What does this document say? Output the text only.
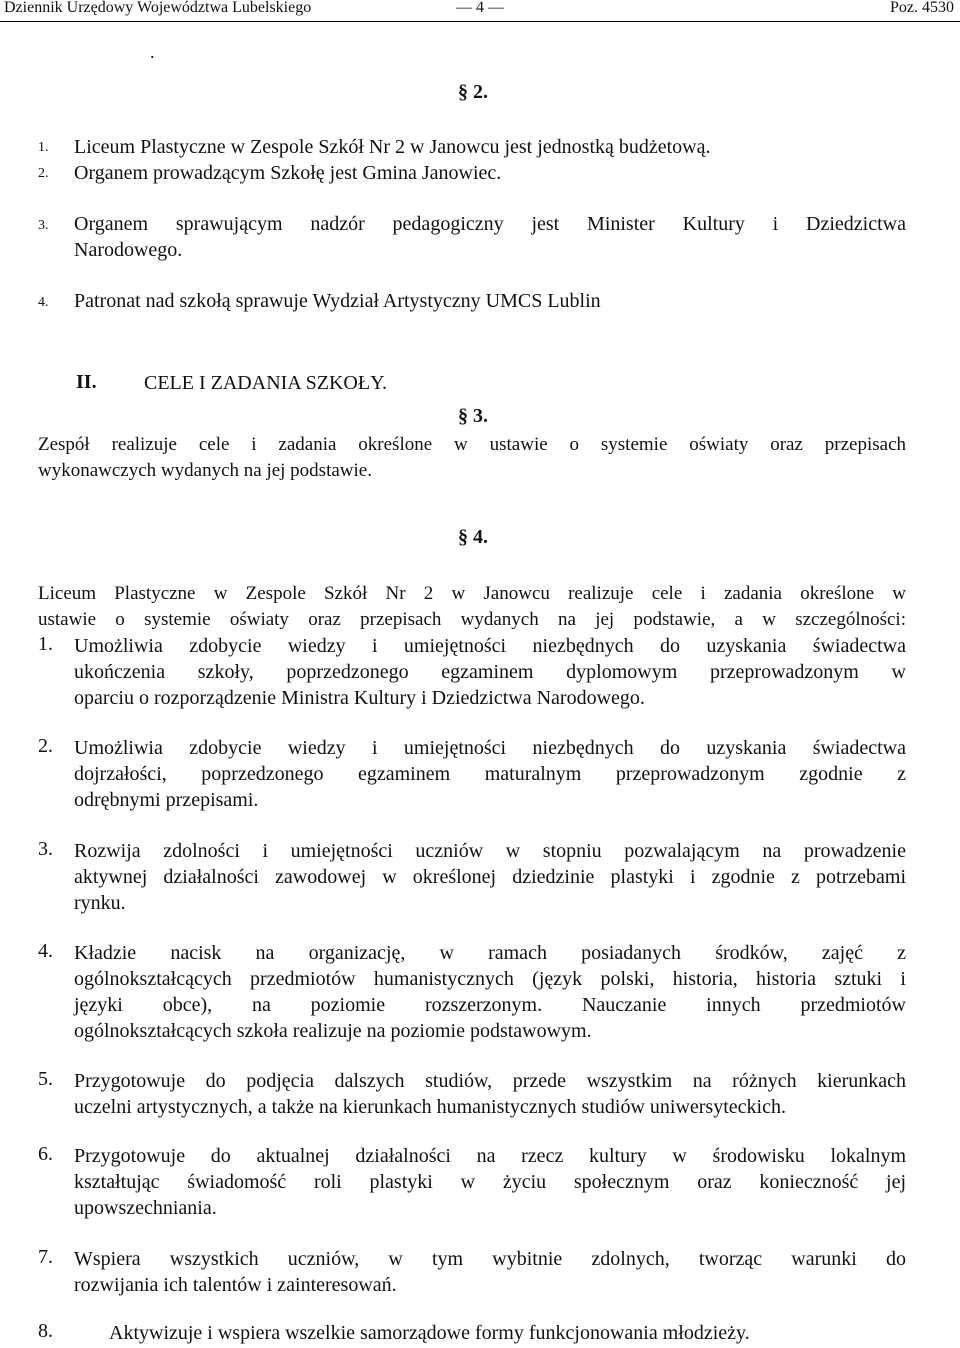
Dziennik Urzędowy Województwa Lubelskiego	— 4 —	Poz. 4530
.
§ 2.
1. Liceum Plastyczne w Zespole Szkół Nr 2 w Janowcu jest jednostką budżetową.
2. Organem prowadzącym Szkołę jest Gmina Janowiec.
3. Organem sprawującym nadzór pedagogiczny jest Minister Kultury i Dziedzictwa
Narodowego.
4. Patronat nad szkołą sprawuje Wydział Artystyczny UMCS Lublin
II. CELE I ZADANIA SZKOŁY.
§ 3.
Zespół realizuje cele i zadania określone w ustawie o systemie oświaty oraz przepisach
wykonawczych wydanych na jej podstawie.
§ 4.
Liceum Plastyczne w Zespole Szkół Nr 2 w Janowcu realizuje cele i zadania określone w
ustawie o systemie oświaty oraz przepisach wydanych na jej podstawie, a w szczególności:
1. Umożliwia zdobycie wiedzy i umiejętności niezbędnych do uzyskania świadectwa
ukończenia szkoły, poprzedzonego egzaminem dyplomowym przeprowadzonym w
oparciu o rozporządzenie Ministra Kultury i Dziedzictwa Narodowego.
2. Umożliwia zdobycie wiedzy i umiejętności niezbędnych do uzyskania świadectwa
dojrzałości, poprzedzonego egzaminem maturalnym przeprowadzonym zgodnie z
odrębnymi przepisami.
3. Rozwija zdolności i umiejętności uczniów w stopniu pozwalającym na prowadzenie
aktywnej działalności zawodowej w określonej dziedzinie plastyki i zgodnie z potrzebami
rynku.
4. Kładzie nacisk na organizację, w ramach posiadanych środków, zajęć z
ogólnokształcących przedmiotów humanistycznych (język polski, historia, historia sztuki i
języki obce), na poziomie rozszerzonym. Nauczanie innych przedmiotów
ogólnokształcących szkoła realizuje na poziomie podstawowym.
5. Przygotowuje do podjęcia dalszych studiów, przede wszystkim na różnych kierunkach
uczelni artystycznych, a także na kierunkach humanistycznych studiów uniwersyteckich.
6. Przygotowuje do aktualnej działalności na rzecz kultury w środowisku lokalnym
kształtując świadomość roli plastyki w życiu społecznym oraz konieczność jej
upowszechniania.
7. Wspiera wszystkich uczniów, w tym wybitnie zdolnych, tworząc warunki do
rozwijania ich talentów i zainteresowań.
8.	Aktywizuje i wspiera wszelkie samorządowe formy funkcjonowania młodzieży.
